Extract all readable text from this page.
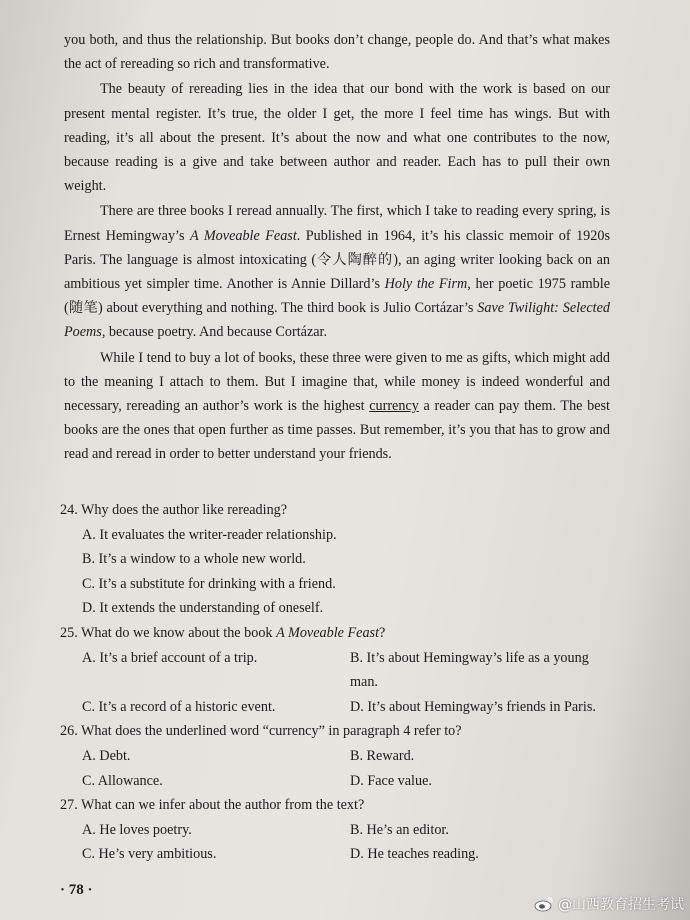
you both, and thus the relationship. But books don’t change, people do. And that’s what makes the act of rereading so rich and transformative.

The beauty of rereading lies in the idea that our bond with the work is based on our present mental register. It’s true, the older I get, the more I feel time has wings. But with reading, it’s all about the present. It’s about the now and what one contributes to the now, because reading is a give and take between author and reader. Each has to pull their own weight.

There are three books I reread annually. The first, which I take to reading every spring, is Ernest Hemingway’s A Moveable Feast. Published in 1964, it’s his classic memoir of 1920s Paris. The language is almost intoxicating (令人陶醉的), an aging writer looking back on an ambitious yet simpler time. Another is Annie Dillard’s Holy the Firm, her poetic 1975 ramble (随笔) about everything and nothing. The third book is Julio Cortázar’s Save Twilight: Selected Poems, because poetry. And because Cortázar.

While I tend to buy a lot of books, these three were given to me as gifts, which might add to the meaning I attach to them. But I imagine that, while money is indeed wonderful and necessary, rereading an author’s work is the highest currency a reader can pay them. The best books are the ones that open further as time passes. But remember, it’s you that has to grow and read and reread in order to better understand your friends.

24. Why does the author like rereading?

A. It evaluates the writer-reader relationship.

B. It’s a window to a whole new world.

C. It’s a substitute for drinking with a friend.

D. It extends the understanding of oneself.

25. What do we know about the book A Moveable Feast?

A. It’s a brief account of a trip.	B. It’s about Hemingway’s life as a young man.
C. It’s a record of a historic event.	D. It’s about Hemingway’s friends in Paris.

26. What does the underlined word “currency” in paragraph 4 refer to?

A. Debt.	B. Reward.
C. Allowance.	D. Face value.

27. What can we infer about the author from the text?

A. He loves poetry.	B. He’s an editor.
C. He’s very ambitious.	D. He teaches reading.
· 78 ·
@山西教育招生考试
